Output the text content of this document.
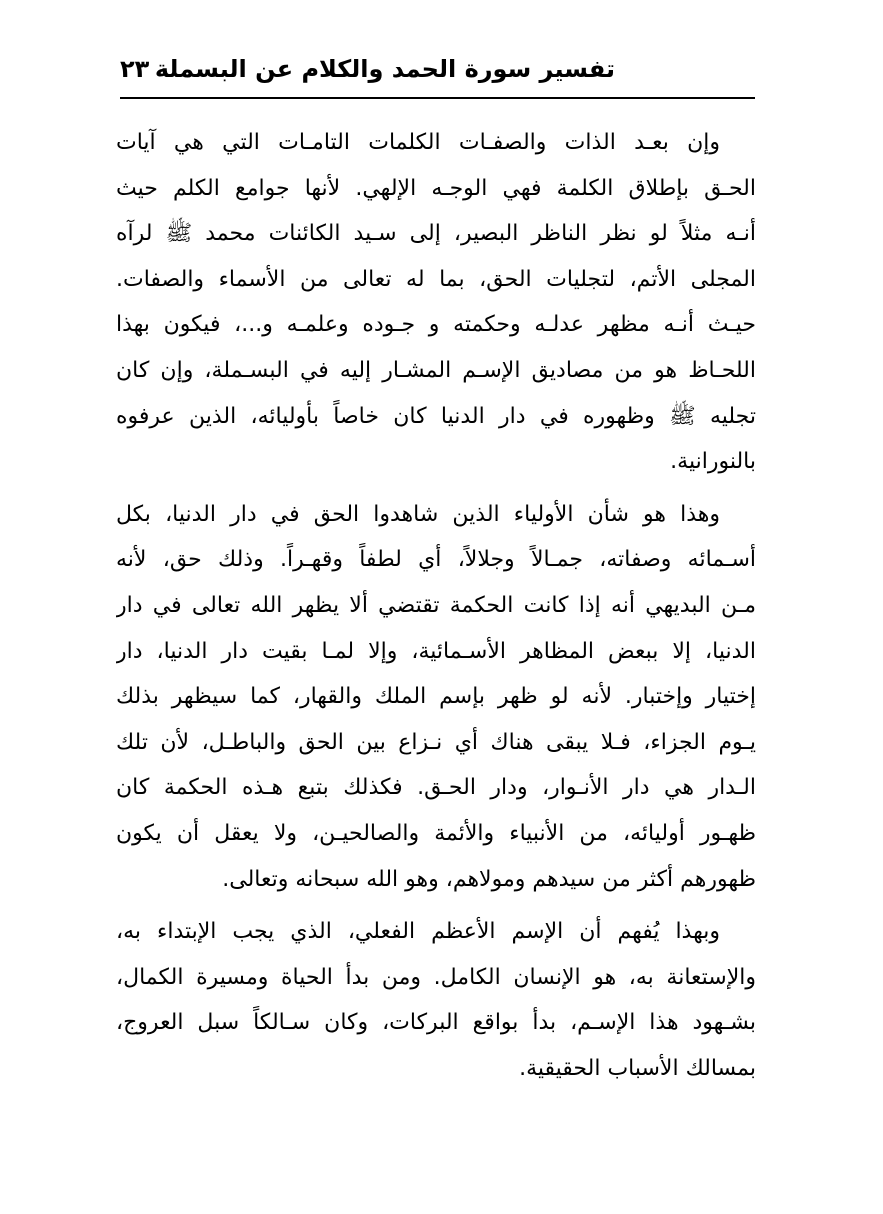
تفسير سورة الحمد والكلام عن البسملة
٢٣

وإن بعـد الذات والصفـات الكلمات التامـات التي هي آيات
الحـق بإطلاق الكلمة فهي الوجـه الإلهي. لأنها جوامع الكلم حيث
أنـه مثلاً لو نظر الناظر البصير، إلى سـيد الكائنات محمد ﷺ لرآه
المجلى الأتم، لتجليات الحق، بما له تعالى من الأسماء والصفات.
حيـث أنـه مظهر عدلـه وحكمته و جـوده وعلمـه و...، فيكون بهذا
اللحـاظ هو من مصاديق الإسـم المشـار إليه في البسـملة، وإن كان
تجليه ﷺ وظهوره في دار الدنيا كان خاصاً بأوليائه، الذين عرفوه
بالنورانية.

وهذا هو شأن الأولياء الذين شاهدوا الحق في دار الدنيا، بكل
أسـمائه وصفاته، جمـالاً وجلالاً، أي لطفاً وقهـراً. وذلك حق، لأنه
مـن البديهي أنه إذا كانت الحكمة تقتضي ألا يظهر الله تعالى في دار
الدنيا، إلا ببعض المظاهر الأسـمائية، وإلا لمـا بقيت دار الدنيا، دار
إختيار وإختبار. لأنه لو ظهر بإسم الملك والقهار، كما سيظهر بذلك
يـوم الجزاء، فـلا يبقى هناك أي نـزاع بين الحق والباطـل، لأن تلك
الـدار هي دار الأنـوار، ودار الحـق. فكذلك بتبع هـذه الحكمة كان
ظهـور أوليائه، من الأنبياء والأئمة والصالحيـن، ولا يعقل أن يكون
ظهورهم أكثر من سيدهم ومولاهم، وهو الله سبحانه وتعالى.

وبهذا يُفهم أن الإسم الأعظم الفعلي، الذي يجب الإبتداء به،
والإستعانة به، هو الإنسان الكامل. ومن بدأ الحياة ومسيرة الكمال،
بشـهود هذا الإسـم، بدأ بواقع البركات، وكان سـالكاً سبل العروج،
بمسالك الأسباب الحقيقية.
